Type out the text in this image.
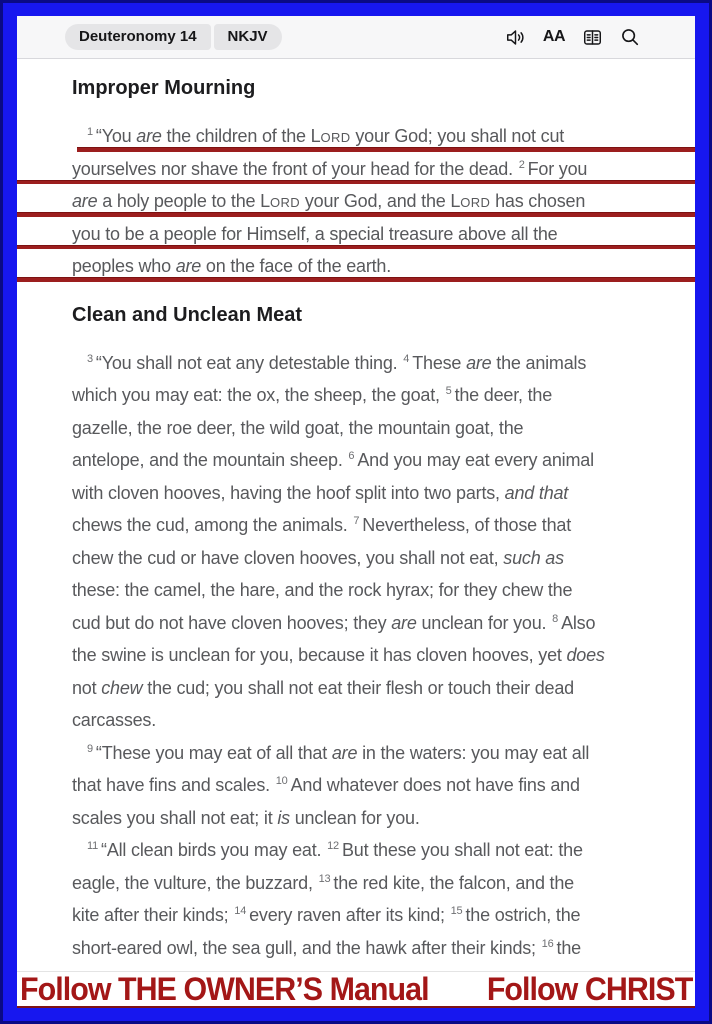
Deuteronomy 14	NKJV	AA
Improper Mourning
$^1$ “You are the children of the LORD your God; you shall not cut
yourselves nor shave the front of your head for the dead. $^2$ For you
are a holy people to the LORD your God, and the LORD has chosen
you to be a people for Himself, a special treasure above all the
peoples who are on the face of the earth.
Clean and Unclean Meat
$^3$ “You shall not eat any detestable thing. $^4$ These are the animals
which you may eat: the ox, the sheep, the goat, $^5$ the deer, the
gazelle, the roe deer, the wild goat, the mountain goat, the
antelope, and the mountain sheep. $^6$ And you may eat every animal
with cloven hooves, having the hoof split into two parts, and that
chews the cud, among the animals. $^7$ Nevertheless, of those that
chew the cud or have cloven hooves, you shall not eat, such as
these: the camel, the hare, and the rock hyrax; for they chew the
cud but do not have cloven hooves; they are unclean for you. $^8$ Also
the swine is unclean for you, because it has cloven hooves, yet does
not chew the cud; you shall not eat their flesh or touch their dead
carcasses.
$^9$ “These you may eat of all that are in the waters: you may eat all
that have fins and scales. $^{10}$ And whatever does not have fins and
scales you shall not eat; it is unclean for you.
$^{11}$ “All clean birds you may eat. $^{12}$ But these you shall not eat: the
eagle, the vulture, the buzzard, $^{13}$ the red kite, the falcon, and the
kite after their kinds; $^{14}$ every raven after its kind; $^{15}$ the ostrich, the
short-eared owl, the sea gull, and the hawk after their kinds; $^{16}$ the
Follow THE OWNER’S Manual Follow CHRIST
